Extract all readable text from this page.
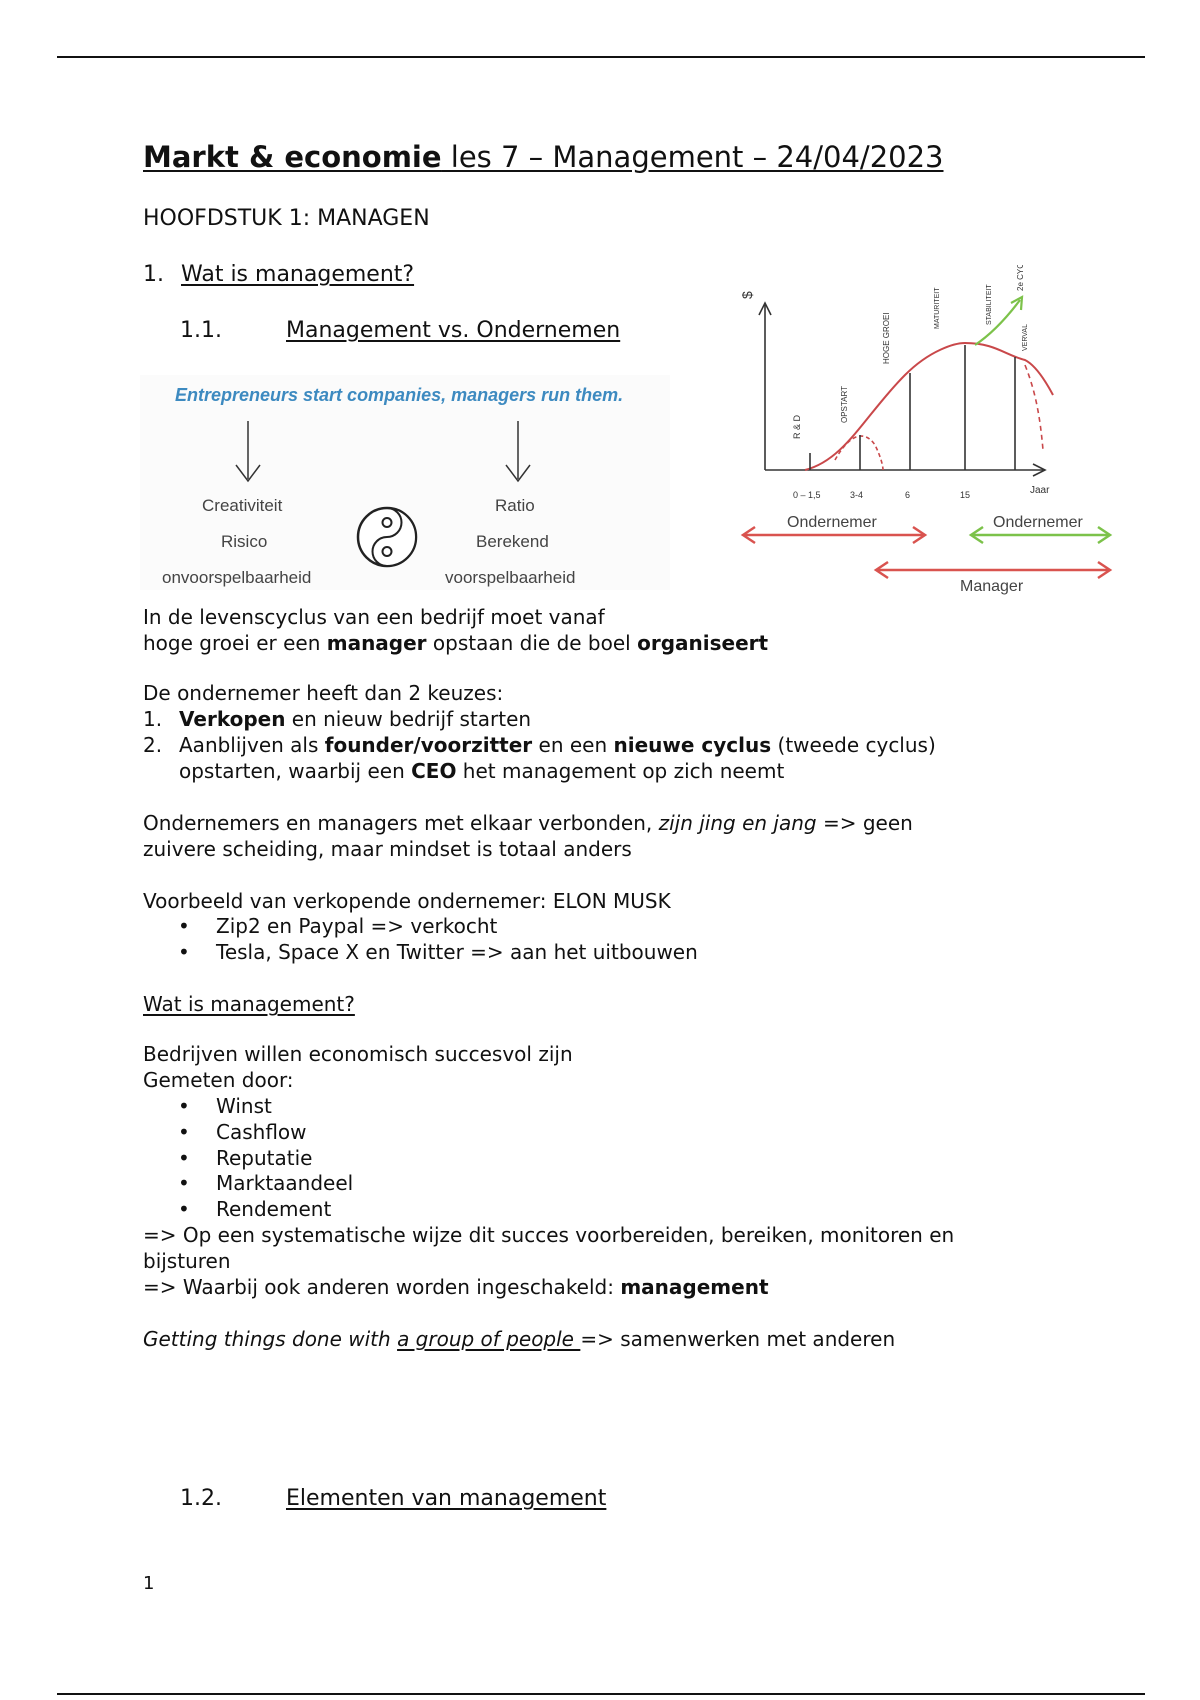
Markt & economie les 7 – Management – 24/04/2023
HOOFDSTUK 1: MANAGEN
1. Wat is management?
1.1.	Management vs. Ondernemen
Entrepreneurs start companies, managers run them.
Creativiteit
Risico
onvoorspelbaarheid
Ratio
Berekend
voorspelbaarheid
$
R & D
OPSTART
HOGE GROEI
MATURITEIT	STABILITEIT
VERVAL
2e CYCLUS
0 – 1,5	3-4	6	15	Jaar
Ondernemer	Ondernemer
Manager
In de levenscyclus van een bedrijf moet vanaf
hoge groei er een manager opstaan die de boel organiseert
De ondernemer heeft dan 2 keuzes:
1. Verkopen en nieuw bedrijf starten
2. Aanblijven als founder/voorzitter en een nieuwe cyclus (tweede cyclus)
opstarten, waarbij een CEO het management op zich neemt
Ondernemers en managers met elkaar verbonden, zijn jing en jang => geen
zuivere scheiding, maar mindset is totaal anders
Voorbeeld van verkopende ondernemer: ELON MUSK
• Zip2 en Paypal => verkocht
• Tesla, Space X en Twitter => aan het uitbouwen
Wat is management?
Bedrijven willen economisch succesvol zijn
Gemeten door:
• Winst
• Cashflow
• Reputatie
• Marktaandeel
• Rendement
=> Op een systematische wijze dit succes voorbereiden, bereiken, monitoren en
bijsturen
=> Waarbij ook anderen worden ingeschakeld: management
Getting things done with a group of people => samenwerken met anderen
1.2.	Elementen van management
1
